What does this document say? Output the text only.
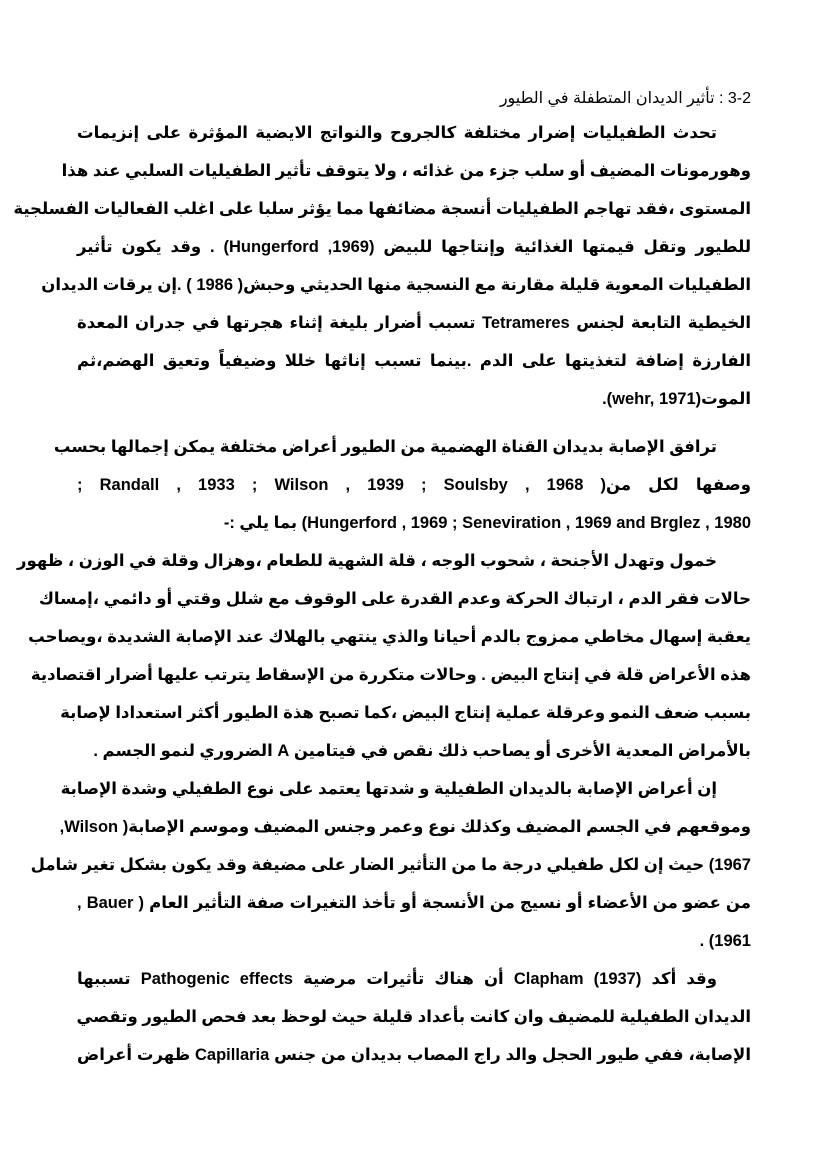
3-2 : تأثير الديدان المتطفلة في الطيور
تحدث الطفيليات إضرار مختلفة كالجروح والنواتج الايضية المؤثرة على إنزيمات
وهورمونات المضيف أو سلب جزء من غذائه ، ولا يتوقف تأثير الطفيليات السلبي عند هذا
المستوى ،فقد تهاجم الطفيليات أنسجة مضائفها مما يؤثر سلبا على اغلب الفعاليات الفسلجية
للطيور وتقل قيمتها الغذائية وإنتاجها للبيض (Hungerford ,1969) . وقد يكون تأثير
الطفيليات المعوية قليلة مقارنة مع النسجية منها الحديثي وحبش( 1986 ) .إن يرقات الديدان
الخيطية التابعة لجنس Tetrameres تسبب أضرار بليغة إثناء هجرتها في جدران المعدة
الفارزة إضافة لتغذيتها على الدم .بينما تسبب إناثها خللا وضيفياً وتعيق الهضم،ثم
الموت(wehr, 1971).
ترافق الإصابة بديدان القناة الهضمية من الطيور أعراض مختلفة يمكن إجمالها بحسب
وصفها لكل من( Randall , 1933 ; Wilson , 1939 ; Soulsby , 1968 ;
Hungerford , 1969 ; Seneviration , 1969 and Brglez , 1980) بما يلي :-
خمول وتهدل الأجنحة ، شحوب الوجه ، قلة الشهية للطعام ،وهزال وقلة في الوزن ، ظهور
حالات فقر الدم ، ارتباك الحركة وعدم القدرة على الوقوف مع شلل وقتي أو دائمي ،إمساك
يعقبة إسهال مخاطي ممزوج بالدم أحيانا والذي ينتهي بالهلاك عند الإصابة الشديدة ،ويصاحب
هذه الأعراض قلة في إنتاج البيض . وحالات متكررة من الإسقاط يترتب عليها أضرار اقتصادية
بسبب ضعف النمو وعرقلة عملية إنتاج البيض ،كما تصبح هذة الطيور أكثر استعدادا لإصابة
بالأمراض المعدية الأخرى أو يصاحب ذلك نقص في فيتامين A الضروري لنمو الجسم .
إن أعراض الإصابة بالديدان الطفيلية و شدتها يعتمد على نوع الطفيلي وشدة الإصابة
وموقعهم في الجسم المضيف وكذلك نوع وعمر وجنس المضيف وموسم الإصابة( Wilson,
1967) حيث إن لكل طفيلي درجة ما من التأثير الضار على مضيفة وقد يكون بشكل تغير شامل
من عضو من الأعضاء أو نسيج من الأنسجة أو تأخذ التغيرات صفة التأثير العام ( Bauer ,
1961) .
وقد أكد Clapham (1937) أن هناك تأثيرات مرضية Pathogenic effects تسببها
الديدان الطفيلية للمضيف وان كانت بأعداد قليلة حيث لوحظ بعد فحص الطيور وتقصي
الإصابة، ففي طيور الحجل والد راج المصاب بديدان من جنس Capillaria ظهرت أعراض
